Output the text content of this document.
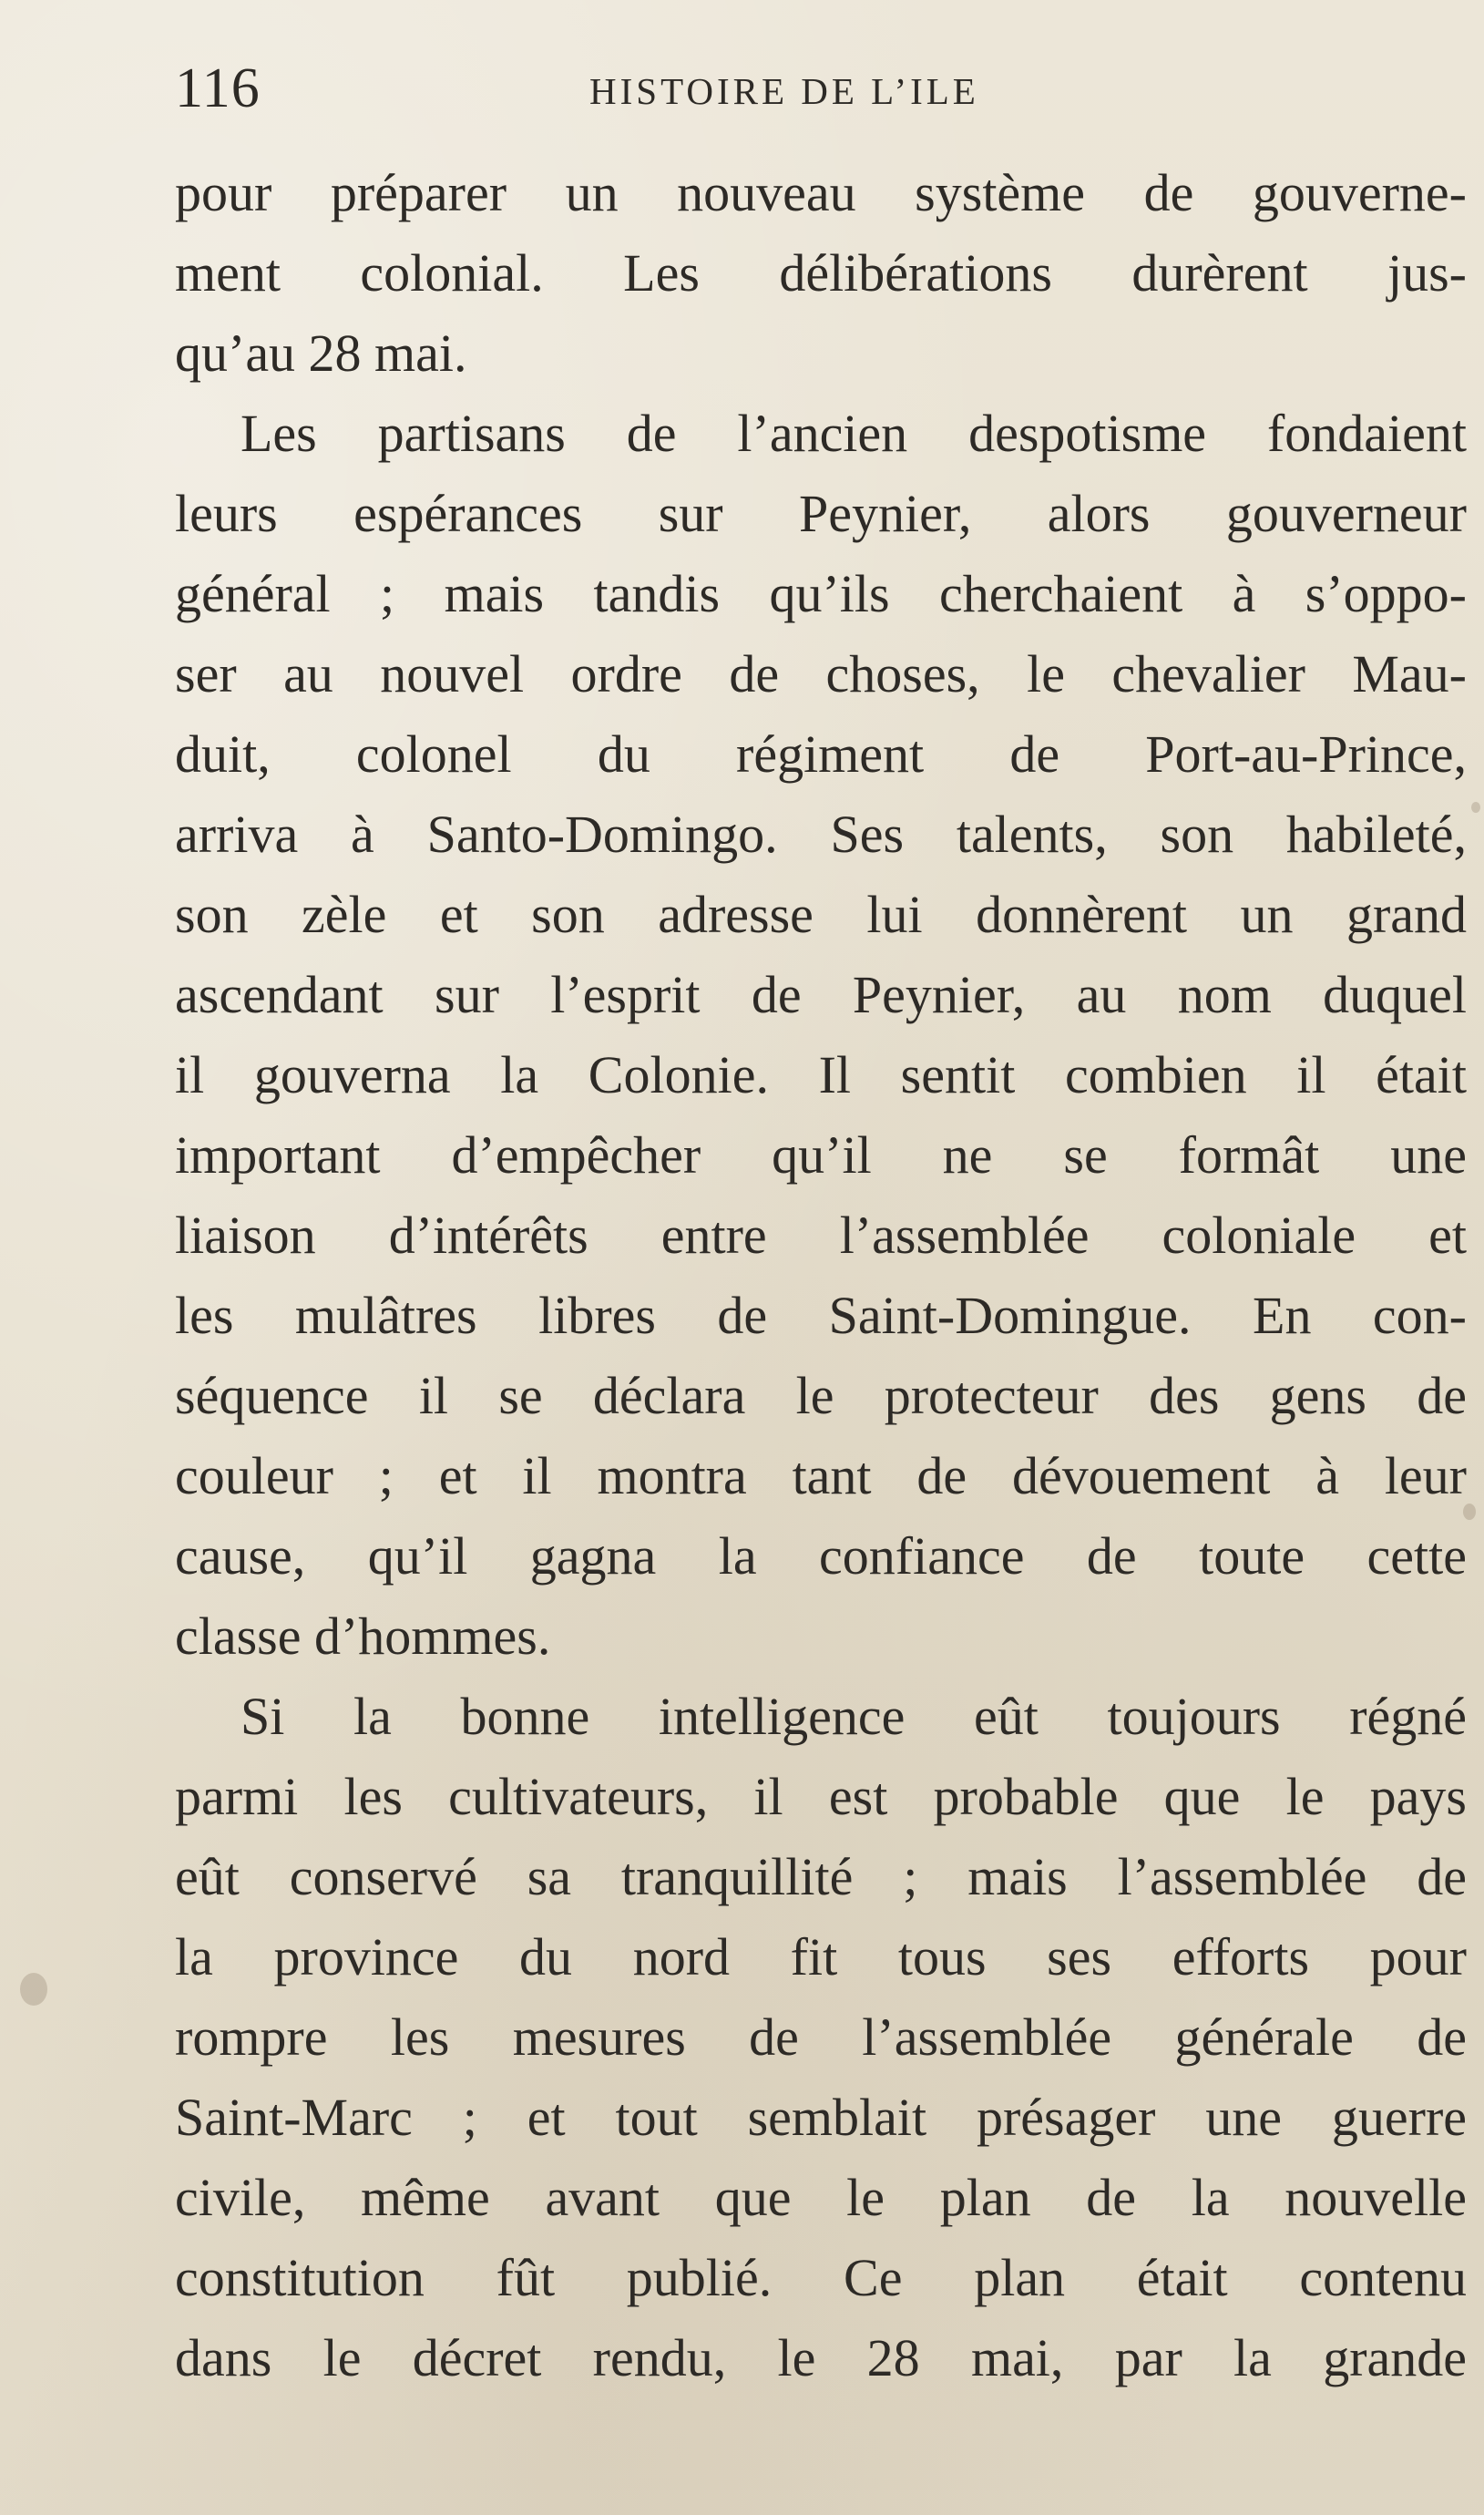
116	HISTOIRE DE L’ILE
pour préparer un nouveau système de gouverne-
ment colonial. Les délibérations durèrent jus-
qu’au 28 mai.
Les partisans de l’ancien despotisme fondaient
leurs espérances sur Peynier, alors gouverneur
général ; mais tandis qu’ils cherchaient à s’oppo-
ser au nouvel ordre de choses, le chevalier Mau-
duit, colonel du régiment de Port-au-Prince,
arriva à Santo-Domingo. Ses talents, son habileté,
son zèle et son adresse lui donnèrent un grand
ascendant sur l’esprit de Peynier, au nom duquel
il gouverna la Colonie. Il sentit combien il était
important d’empêcher qu’il ne se formât une
liaison d’intérêts entre l’assemblée coloniale et
les mulâtres libres de Saint-Domingue. En con-
séquence il se déclara le protecteur des gens de
couleur ; et il montra tant de dévouement à leur
cause, qu’il gagna la confiance de toute cette
classe d’hommes.
Si la bonne intelligence eût toujours régné
parmi les cultivateurs, il est probable que le pays
eût conservé sa tranquillité ; mais l’assemblée de
la province du nord fit tous ses efforts pour
rompre les mesures de l’assemblée générale de
Saint-Marc ; et tout semblait présager une guerre
civile, même avant que le plan de la nouvelle
constitution fût publié. Ce plan était contenu
dans le décret rendu, le 28 mai, par la grande
